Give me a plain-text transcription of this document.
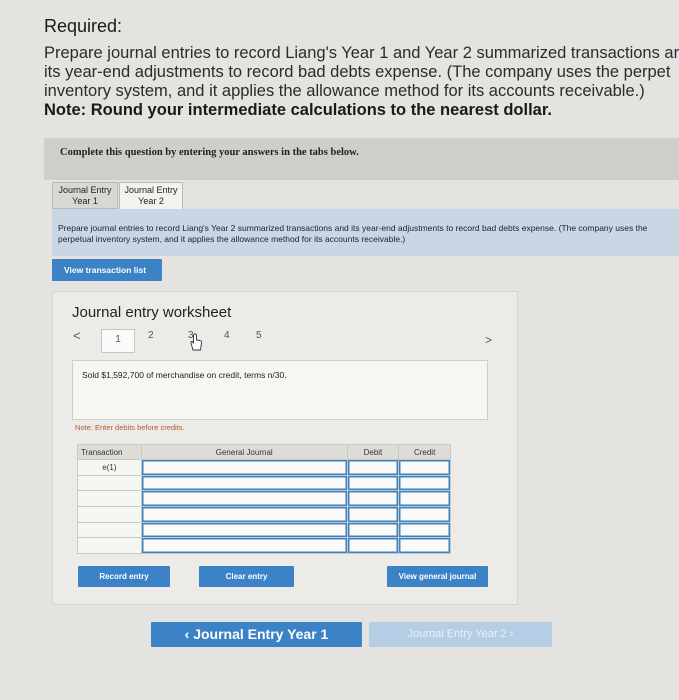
Required:
Prepare journal entries to record Liang's Year 1 and Year 2 summarized transactions ar
its year-end adjustments to record bad debts expense. (The company uses the perpet
inventory system, and it applies the allowance method for its accounts receivable.)
Note: Round your intermediate calculations to the nearest dollar.
Complete this question by entering your answers in the tabs below.
Journal Entry
Year 1
Journal Entry
Year 2
Prepare journal entries to record Liang's Year 2 summarized transactions and its year-end adjustments to record bad debts expense. (The company uses the perpetual inventory system, and it applies the allowance method for its accounts receivable.)
View transaction list
Journal entry worksheet
<	1	2	3	4	5	>
Sold $1,592,700 of merchandise on credit, terms n/30.
Note: Enter debits before credits.
Transaction	General Journal	Debit	Credit
e(1)			

Record entry	Clear entry	View general journal
‹ Journal Entry Year 1	Journal Entry Year 2 ›
